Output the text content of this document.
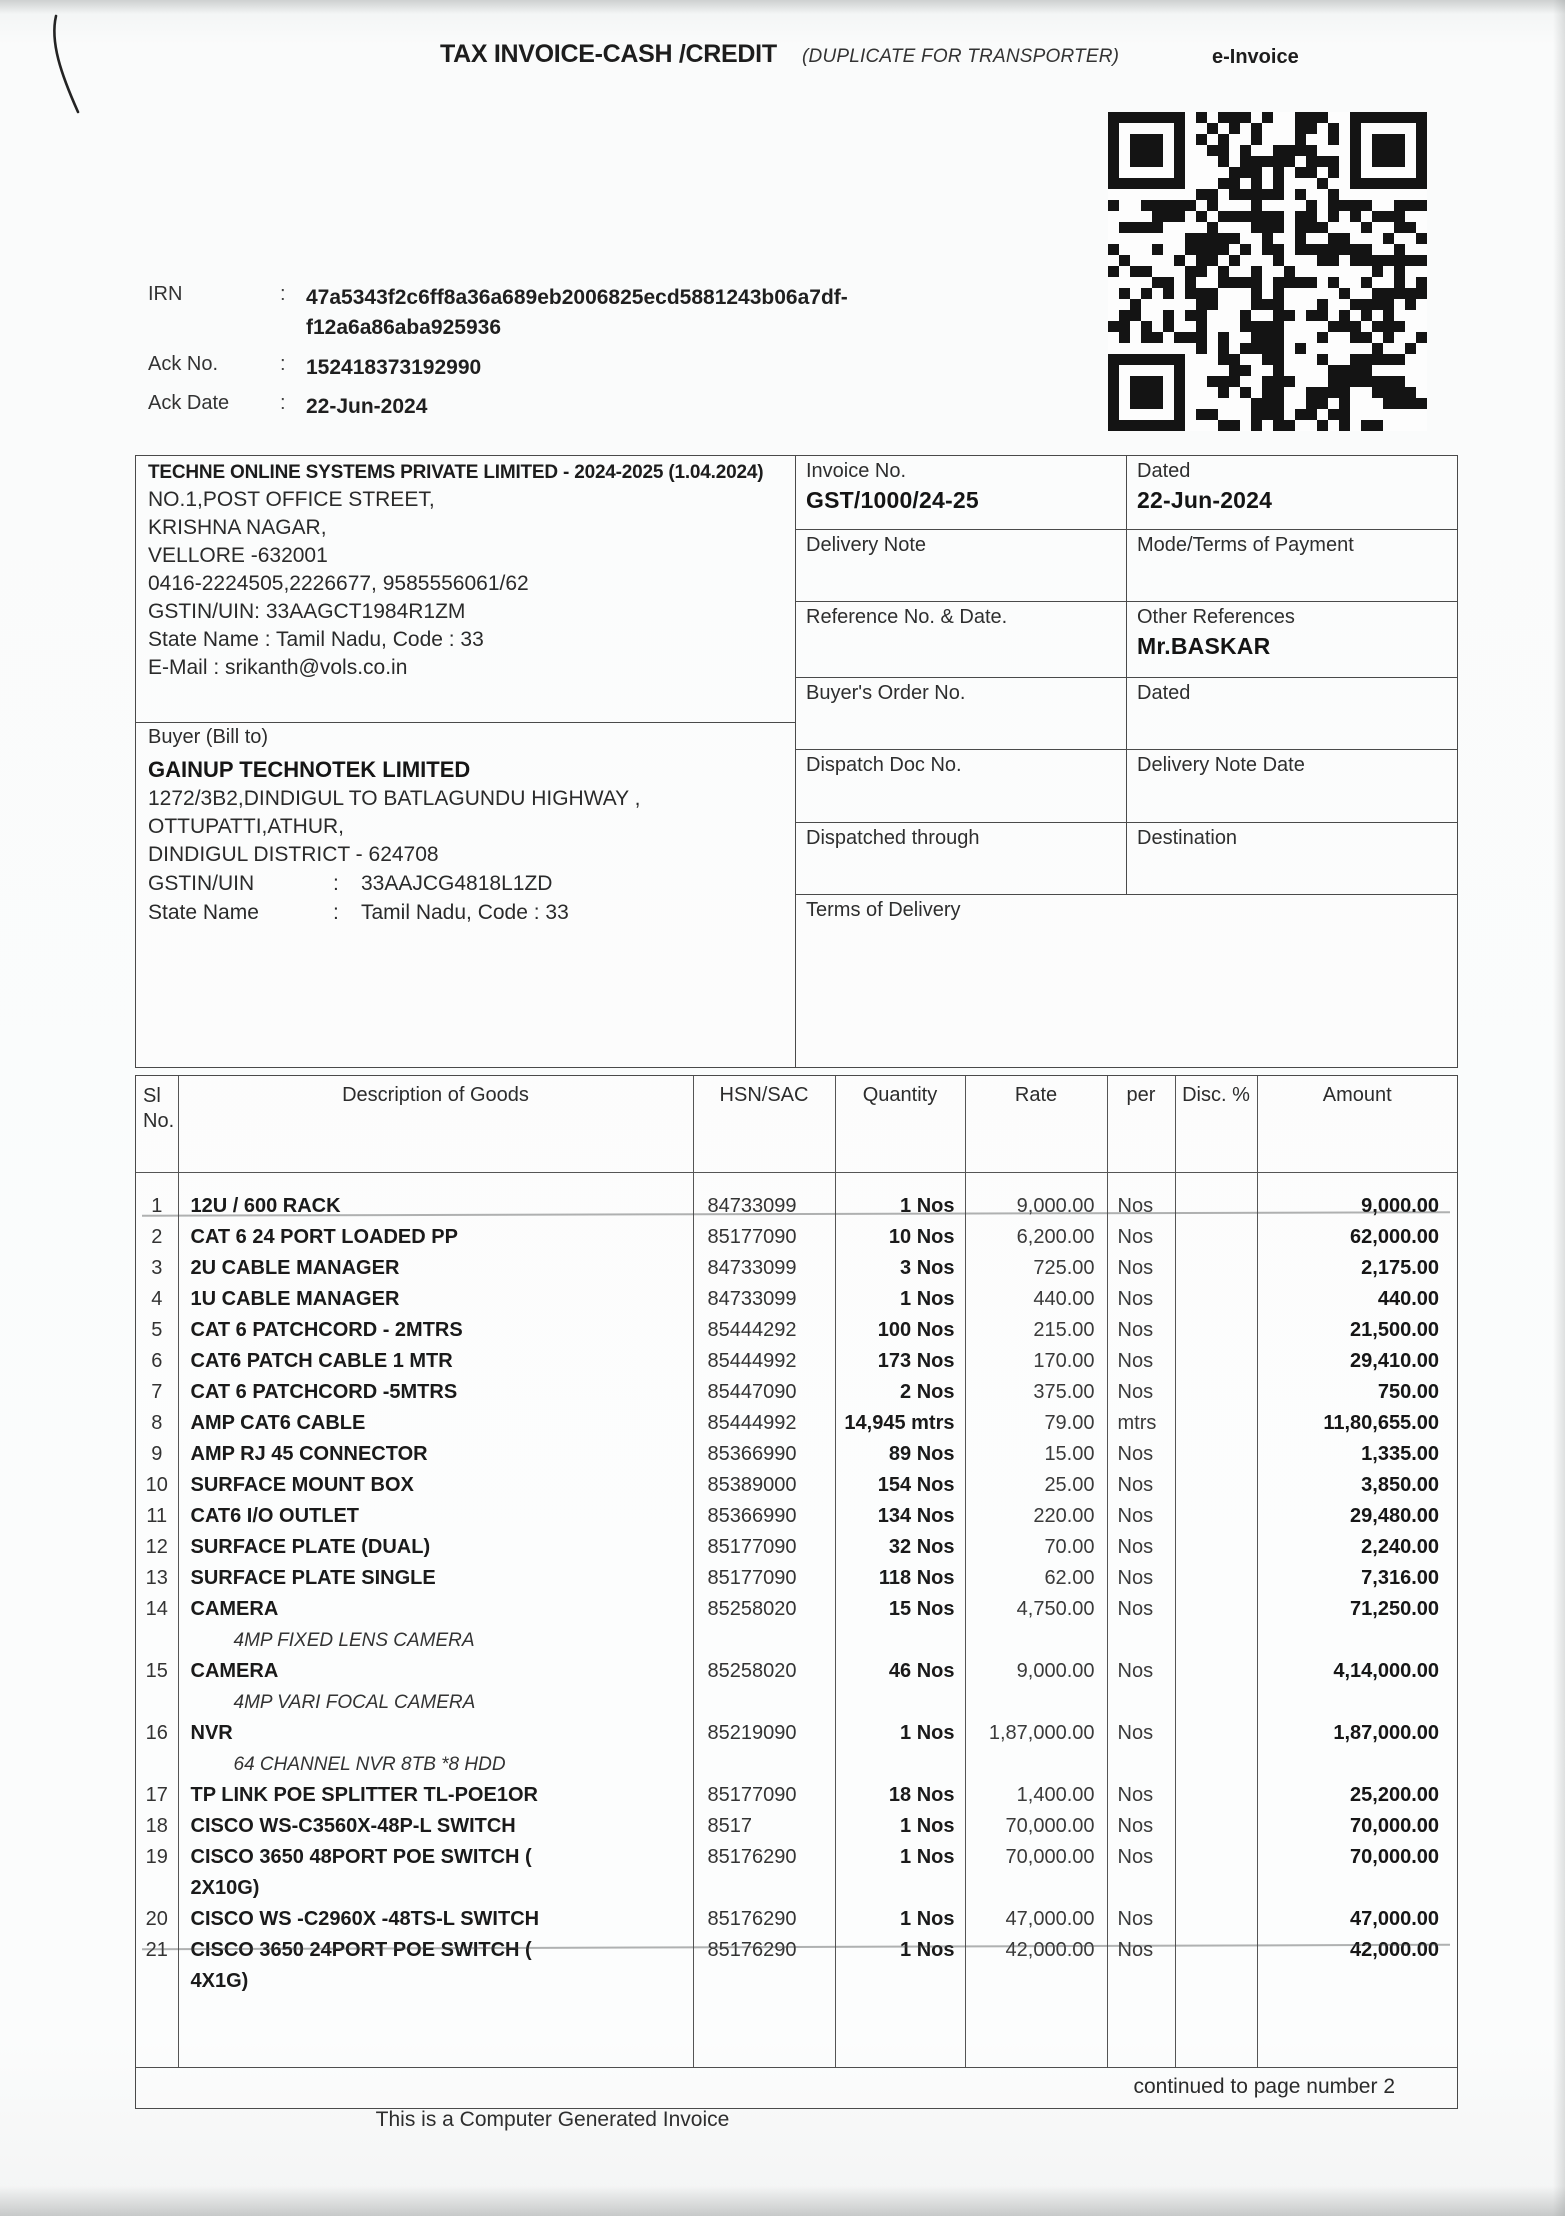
TAX INVOICE-CASH /CREDIT (DUPLICATE FOR TRANSPORTER)	e-Invoice
IRN	: 47a5343f2c6ff8a36a689eb2006825ecd5881243b06a7df-
f12a6a86aba925936
Ack No.	: 152418373192990
Ack Date	: 22-Jun-2024
TECHNE ONLINE SYSTEMS PRIVATE LIMITED - 2024-2025 (1.04.2024)
NO.1,POST OFFICE STREET,
KRISHNA NAGAR,
VELLORE -632001
0416-2224505,2226677, 9585556061/62
GSTIN/UIN: 33AAGCT1984R1ZM
State Name : Tamil Nadu, Code : 33
E-Mail : srikanth@vols.co.in
Buyer (Bill to)
GAINUP TECHNOTEK LIMITED
1272/3B2,DINDIGUL TO BATLAGUNDU HIGHWAY ,
OTTUPATTI,ATHUR,
DINDIGUL DISTRICT - 624708
GSTIN/UIN	:	33AAJCG4818L1ZD
State Name	:	Tamil Nadu, Code : 33
Invoice No.
GST/1000/24-25
Dated
22-Jun-2024
Delivery Note	Mode/Terms of Payment
Reference No. & Date.	Other References
Mr.BASKAR
Buyer's Order No.	Dated
Dispatch Doc No.	Delivery Note Date
Dispatched through	Destination
Terms of Delivery
Sl
No.	Description of Goods	HSN/SAC	Quantity	Rate	per	Disc. %	Amount
1	12U / 600 RACK	84733099	1 Nos	9,000.00	Nos		9,000.00
2	CAT 6 24 PORT LOADED PP	85177090	10 Nos	6,200.00	Nos		62,000.00
3	2U CABLE MANAGER	84733099	3 Nos	725.00	Nos		2,175.00
4	1U CABLE MANAGER	84733099	1 Nos	440.00	Nos		440.00
5	CAT 6 PATCHCORD - 2MTRS	85444292	100 Nos	215.00	Nos		21,500.00
6	CAT6 PATCH CABLE 1 MTR	85444992	173 Nos	170.00	Nos		29,410.00
7	CAT 6 PATCHCORD -5MTRS	85447090	2 Nos	375.00	Nos		750.00
8	AMP CAT6 CABLE	85444992	14,945 mtrs	79.00	mtrs		11,80,655.00
9	AMP RJ 45 CONNECTOR	85366990	89 Nos	15.00	Nos		1,335.00
10	SURFACE MOUNT BOX	85389000	154 Nos	25.00	Nos		3,850.00
11	CAT6 I/O OUTLET	85366990	134 Nos	220.00	Nos		29,480.00
12	SURFACE PLATE (DUAL)	85177090	32 Nos	70.00	Nos		2,240.00
13	SURFACE PLATE SINGLE	85177090	118 Nos	62.00	Nos		7,316.00
14	CAMERA
4MP FIXED LENS CAMERA	85258020	15 Nos	4,750.00	Nos		71,250.00
15	CAMERA
4MP VARI FOCAL CAMERA	85258020	46 Nos	9,000.00	Nos		4,14,000.00
16	NVR
64 CHANNEL NVR 8TB *8 HDD	85219090	1 Nos	1,87,000.00	Nos		1,87,000.00
17	TP LINK POE SPLITTER TL-POE1OR	85177090	18 Nos	1,400.00	Nos		25,200.00
18	CISCO WS-C3560X-48P-L SWITCH	8517	1 Nos	70,000.00	Nos		70,000.00
19	CISCO 3650 48PORT POE SWITCH (
2X10G)	85176290	1 Nos	70,000.00	Nos		70,000.00
20	CISCO WS -C2960X -48TS-L SWITCH	85176290	1 Nos	47,000.00	Nos		47,000.00
21	CISCO 3650 24PORT POE SWITCH (
4X1G)	85176290	1 Nos	42,000.00	Nos		42,000.00

continued to page number 2
This is a Computer Generated Invoice
